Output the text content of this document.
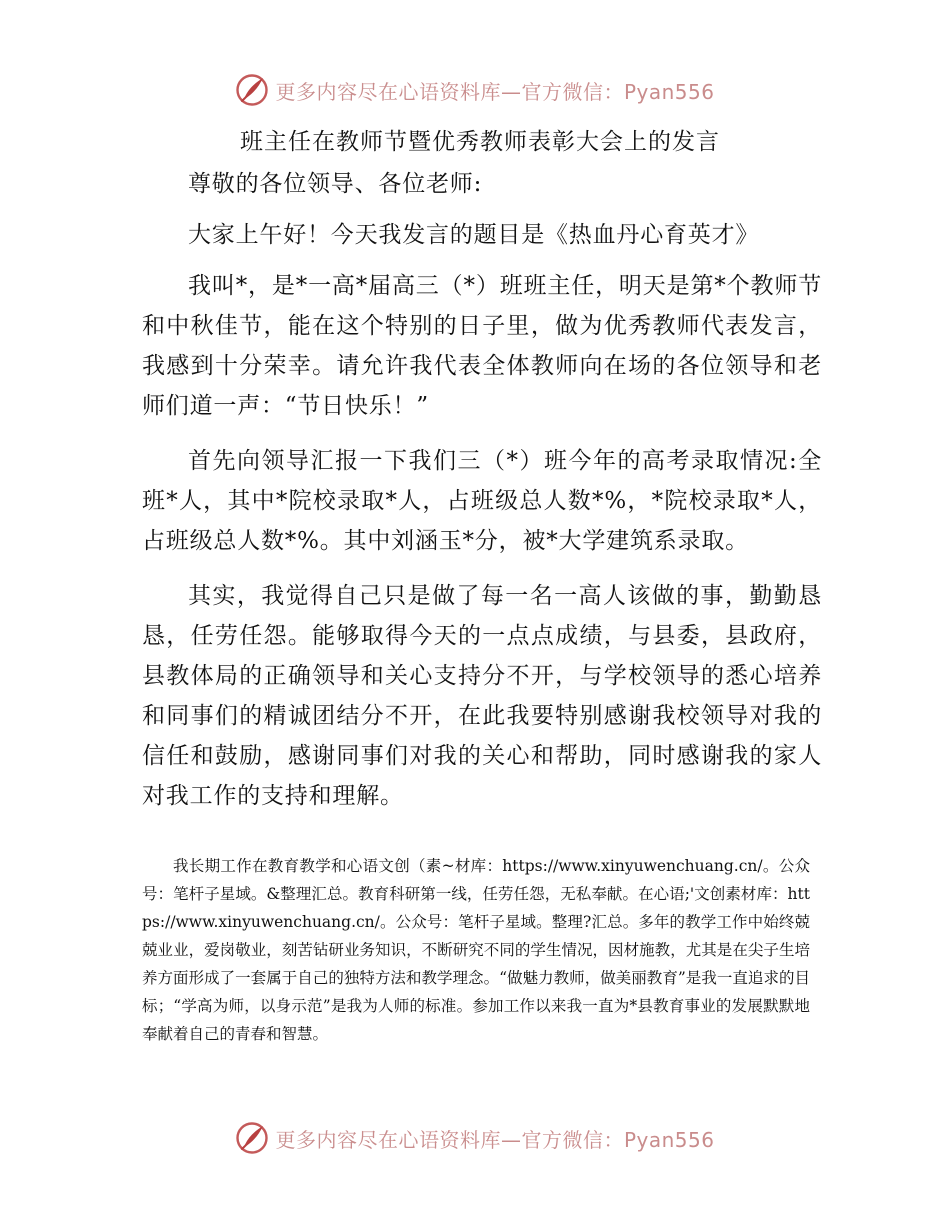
更多内容尽在心语资料库—官方微信：Pyan556
班主任在教师节暨优秀教师表彰大会上的发言

尊敬的各位领导、各位老师:

大家上午好！今天我发言的题目是《热血丹心育英才》

我叫*，是*一高*届高三（*）班班主任，明天是第*个教师节和中秋佳节，能在这个特别的日子里，做为优秀教师代表发言，我感到十分荣幸。请允许我代表全体教师向在场的各位领导和老师们道一声：“节日快乐！”

首先向领导汇报一下我们三（*）班今年的高考录取情况:全班*人，其中*院校录取*人，占班级总人数*%，*院校录取*人，占班级总人数*%。其中刘涵玉*分，被*大学建筑系录取。

其实，我觉得自己只是做了每一名一高人该做的事，勤勤恳恳，任劳任怨。能够取得今天的一点点成绩，与县委，县政府，县教体局的正确领导和关心支持分不开，与学校领导的悉心培养和同事们的精诚团结分不开，在此我要特别感谢我校领导对我的信任和鼓励，感谢同事们对我的关心和帮助，同时感谢我的家人对我工作的支持和理解。

我长期工作在教育教学和心语文创（素~材库：https://www.xinyuwenchuang.cn/。公众号：笔杆子星域。&整理汇总。教育科研第一线，任劳任怨，无私奉献。在心语;'文创素材库：https://www.xinyuwenchuang.cn/。公众号：笔杆子星域。整理?汇总。多年的教学工作中始终兢兢业业，爱岗敬业，刻苦钻研业务知识，不断研究不同的学生情况，因材施教，尤其是在尖子生培养方面形成了一套属于自己的独特方法和教学理念。“做魅力教师，做美丽教育”是我一直追求的目标；“学高为师，以身示范”是我为人师的标准。参加工作以来我一直为*县教育事业的发展默默地奉献着自己的青春和智慧。

更多内容尽在心语资料库—官方微信：Pyan556
